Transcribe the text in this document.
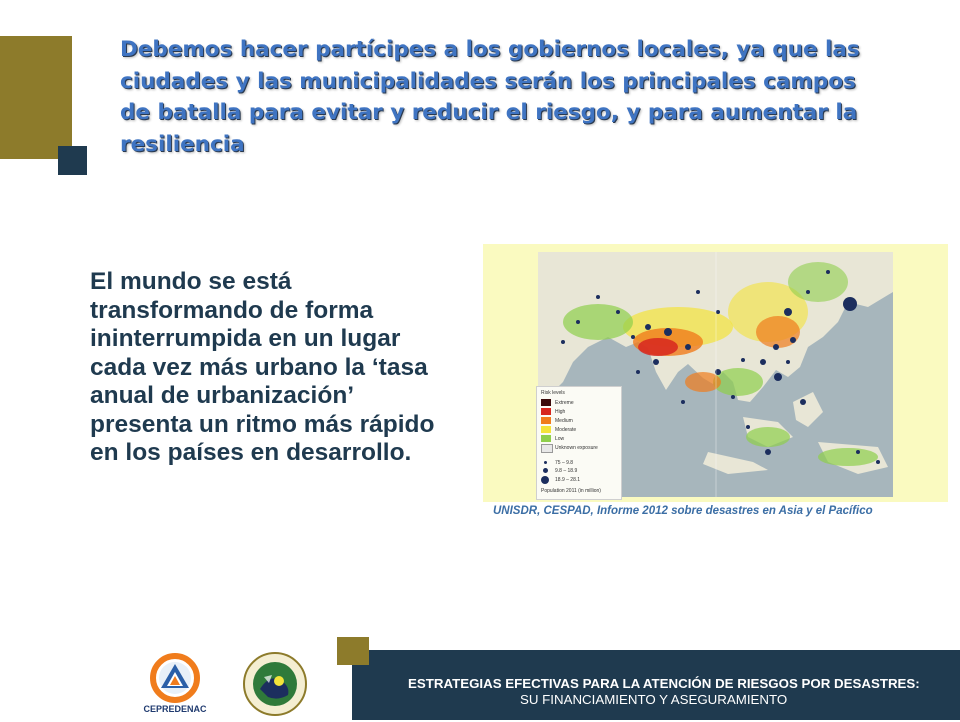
Debemos hacer partícipes a los gobiernos locales, ya que las ciudades y las municipalidades serán los principales campos de batalla para evitar y reducir el riesgo, y para aumentar la resiliencia

El mundo se está transformando de forma ininterrumpida en un lugar cada vez más urbano la ‘tasa anual de urbanización’ presenta un ritmo más rápido en los países en desarrollo.

Risk levels
Extreme
High
Medium
Moderate
Low
Unknown exposure
75 – 9.8
9.8 – 18.9
18.9 – 28.1
Population 2011 (in million)
UNISDR, CESPAD, Informe 2012 sobre desastres en Asia y el Pacífico
ESTRATEGIAS EFECTIVAS PARA LA ATENCIÓN DE RIESGOS POR DESASTRES:
SU FINANCIAMIENTO Y ASEGURAMIENTO
CEPREDENAC
